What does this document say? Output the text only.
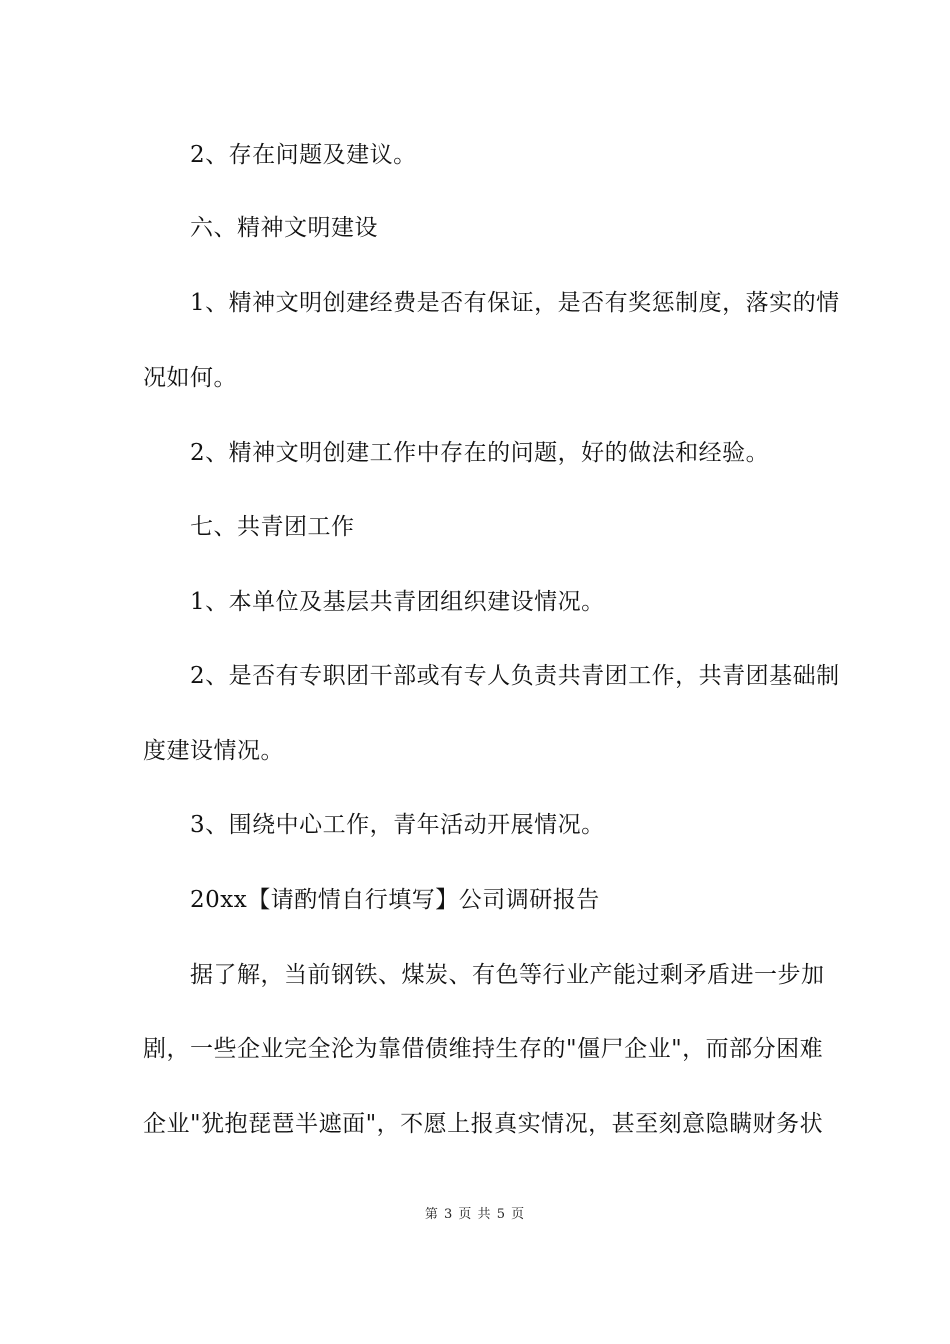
2、存在问题及建议。

六、精神文明建设

1、精神文明创建经费是否有保证，是否有奖惩制度，落实的情

况如何。

2、精神文明创建工作中存在的问题，好的做法和经验。

七、共青团工作

1、本单位及基层共青团组织建设情况。

2、是否有专职团干部或有专人负责共青团工作，共青团基础制

度建设情况。

3、围绕中心工作，青年活动开展情况。

20xx【请酌情自行填写】公司调研报告

据了解，当前钢铁、煤炭、有色等行业产能过剩矛盾进一步加

剧，一些企业完全沦为靠借债维持生存的"僵尸企业"，而部分困难

企业"犹抱琵琶半遮面"，不愿上报真实情况，甚至刻意隐瞒财务状

第 3 页 共 5 页
